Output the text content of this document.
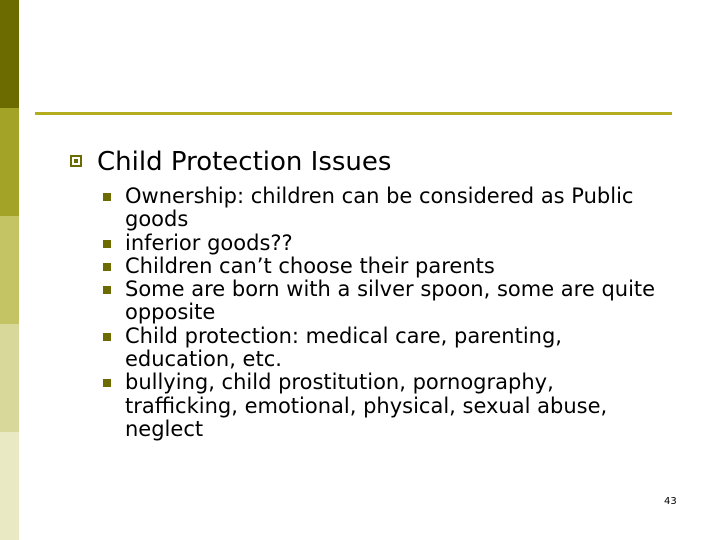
Child Protection Issues
Ownership: children can be considered as Public goods
inferior goods??
Children can’t choose their parents
Some are born with a silver spoon, some are quite opposite
Child protection: medical care, parenting, education, etc.
bullying, child prostitution, pornography, trafficking, emotional, physical, sexual abuse, neglect
43
